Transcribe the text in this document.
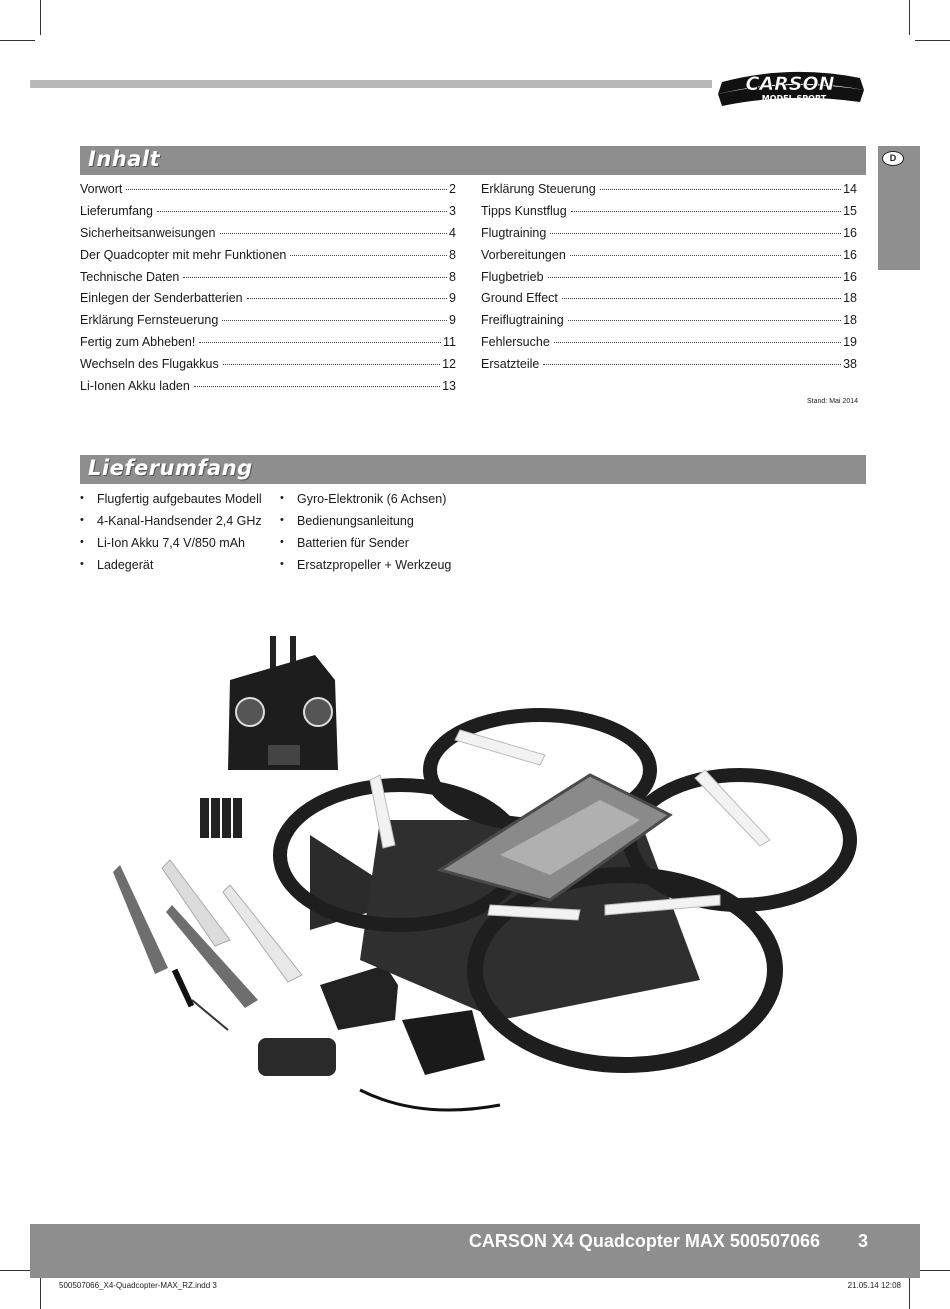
CARSON
MODEL SPORT
D
Inhalt
Vorwort	2
Lieferumfang	3
Sicherheitsanweisungen	4
Der Quadcopter mit mehr Funktionen	8
Technische Daten	8
Einlegen der Senderbatterien	9
Erklärung Fernsteuerung	9
Fertig zum Abheben!	11
Wechseln des Flugakkus	12
Li-Ionen Akku laden	13
Erklärung Steuerung	14
Tipps Kunstflug	15
Flugtraining	16
Vorbereitungen	16
Flugbetrieb	16
Ground Effect	18
Freiflugtraining	18
Fehlersuche	19
Ersatzteile	38
Stand: Mai 2014
Lieferumfang
• Flugfertig aufgebautes Modell
• 4-Kanal-Handsender 2,4 GHz
• Li-Ion Akku 7,4 V/850 mAh
• Ladegerät
• Gyro-Elektronik (6 Achsen)
• Bedienungsanleitung
• Batterien für Sender
• Ersatzpropeller + Werkzeug
CARSON X4 Quadcopter MAX 500507066 3
500507066_X4-Quadcopter-MAX_RZ.indd 3	21.05.14 12:08
